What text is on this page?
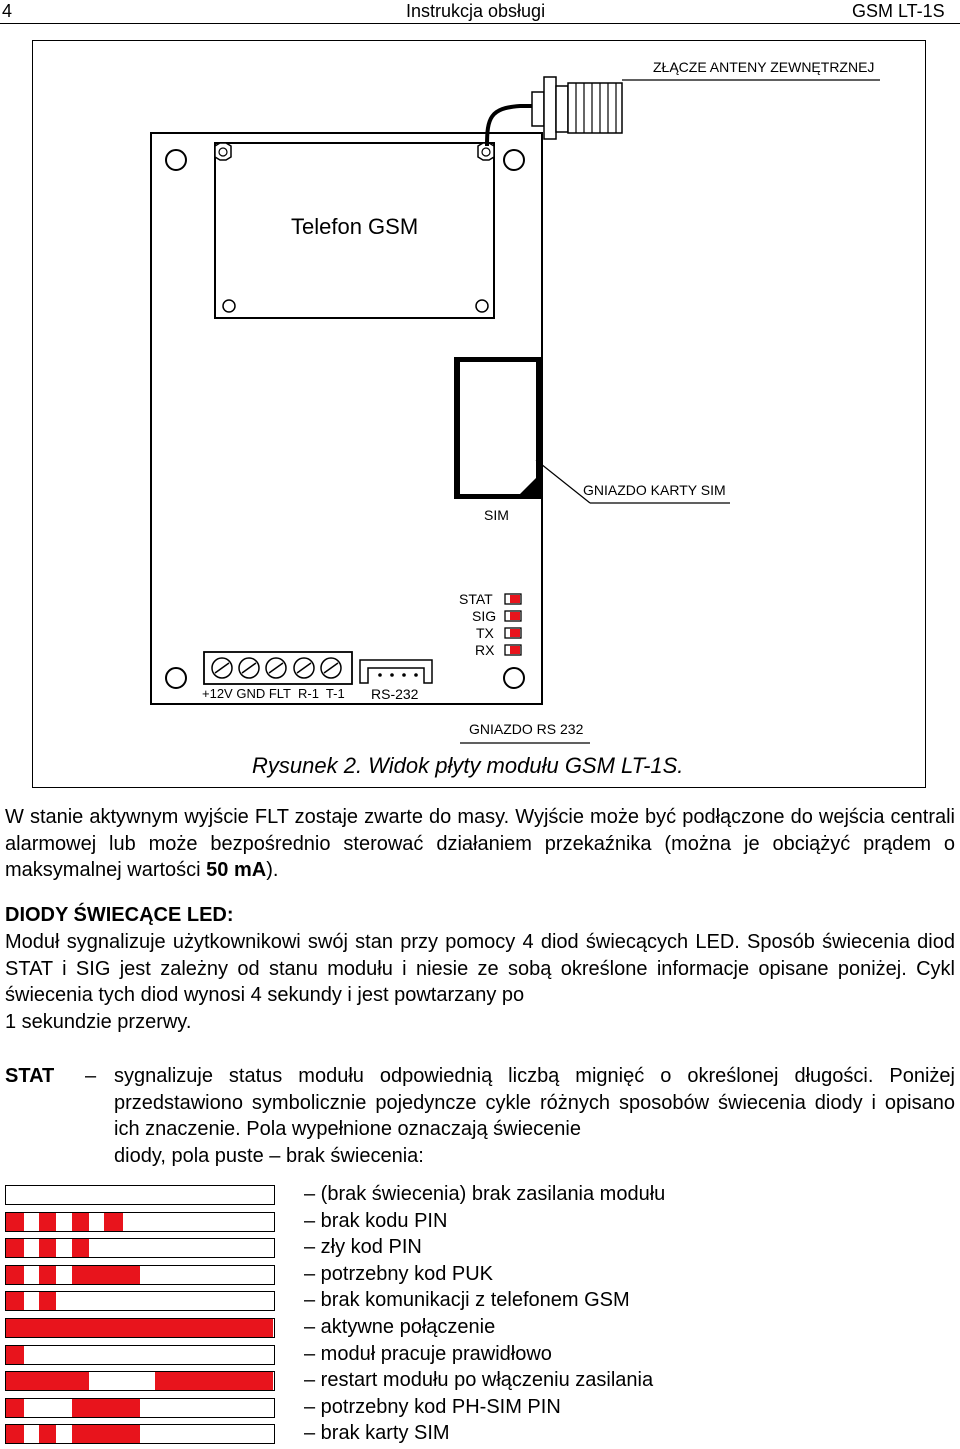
4	Instrukcja obsługi	GSM LT-1S
ZŁĄCZE ANTENY ZEWNĘTRZNEJ
Telefon GSM
GNIAZDO KARTY SIM
SIM
STAT
SIG
TX
RX
+12V GND FLT  R-1  T-1 RS-232
GNIAZDO RS 232
Rysunek 2. Widok płyty modułu GSM LT-1S.

W stanie aktywnym wyjście FLT zostaje zwarte do masy. Wyjście może być podłączone do wejścia centrali alarmowej lub może bezpośrednio sterować działaniem przekaźnika (można je obciążyć prądem o maksymalnej wartości 50 mA).

DIODY ŚWIECĄCE LED:

Moduł sygnalizuje użytkownikowi swój stan przy pomocy 4 diod świecących LED. Sposób świecenia diod STAT i SIG jest zależny od stanu modułu i niesie ze sobą określone informacje opisane poniżej. Cykl świecenia tych diod wynosi 4 sekundy i jest powtarzany po
1 sekundzie przerwy.

STAT – sygnalizuje status modułu odpowiednią liczbą mignięć o określonej długości. Poniżej przedstawiono symbolicznie pojedyncze cykle różnych sposobów świecenia diody i opisano ich znaczenie. Pola wypełnione oznaczają świecenie
diody, pola puste – brak świecenia:

– (brak świecenia) brak zasilania modułu
– brak kodu PIN
– zły kod PIN
– potrzebny kod PUK
– brak komunikacji z telefonem GSM
– aktywne połączenie
– moduł pracuje prawidłowo
– restart modułu po włączeniu zasilania
– potrzebny kod PH-SIM PIN
– brak karty SIM
